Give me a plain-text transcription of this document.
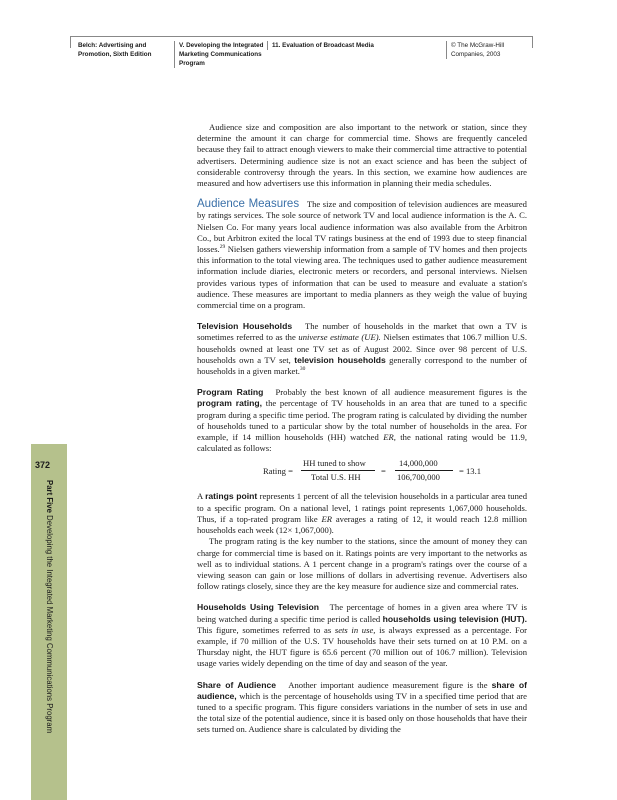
Belch: Advertising and Promotion, Sixth Edition
V. Developing the Integrated Marketing Communications Program
11. Evaluation of Broadcast Media	© The McGraw-Hill Companies, 2003
372
Part Five Developing the Integrated Marketing Communications Program

Audience size and composition are also important to the network or station, since they determine the amount it can charge for commercial time. Shows are frequently canceled because they fail to attract enough viewers to make their commercial time attractive to potential advertisers. Determining audience size is not an exact science and has been the subject of considerable controversy through the years. In this section, we examine how audiences are measured and how advertisers use this information in planning their media schedules.

Audience Measures The size and composition of television audiences are measured by ratings services. The sole source of network TV and local audience information is the A. C. Nielsen Co. For many years local audience information was also available from the Arbitron Co., but Arbitron exited the local TV ratings business at the end of 1993 due to steep financial losses.$^{29}$ Nielsen gathers viewership information from a sample of TV homes and then projects this information to the total viewing area. The techniques used to gather audience measurement information include diaries, electronic meters or recorders, and personal interviews. Nielsen provides various types of information that can be used to measure and evaluate a station's audience. These measures are important to media planners as they weigh the value of buying commercial time on a program.

Television Households The number of households in the market that own a TV is sometimes referred to as the universe estimate (UE). Nielsen estimates that 106.7 million U.S. households owned at least one TV set as of August 2002. Since over 98 percent of U.S. households own a TV set, television households generally correspond to the number of households in a given market.$^{30}$

Program Rating Probably the best known of all audience measurement figures is the program rating, the percentage of TV households in an area that are tuned to a specific program during a specific time period. The program rating is calculated by dividing the number of households tuned to a particular show by the total number of households in the area. For example, if 14 million households (HH) watched ER, the national rating would be 11.9, calculated as follows:

Rating =
HH tuned to show
Total U.S. HH
=
14,000,000
106,700,000
= 13.1

A ratings point represents 1 percent of all the television households in a particular area tuned to a specific program. On a national level, 1 ratings point represents 1,067,000 households. Thus, if a top-rated program like ER averages a rating of 12, it would reach 12.8 million households each week (12× 1,067,000).

The program rating is the key number to the stations, since the amount of money they can charge for commercial time is based on it. Ratings points are very important to the networks as well as to individual stations. A 1 percent change in a program's ratings over the course of a viewing season can gain or lose millions of dollars in advertising revenue. Advertisers also follow ratings closely, since they are the key measure for audience size and commercial rates.

Households Using Television The percentage of homes in a given area where TV is being watched during a specific time period is called households using television (HUT). This figure, sometimes referred to as sets in use, is always expressed as a percentage. For example, if 70 million of the U.S. TV households have their sets turned on at 10 P.M. on a Thursday night, the HUT figure is 65.6 percent (70 million out of 106.7 million). Television usage varies widely depending on the time of day and season of the year.

Share of Audience Another important audience measurement figure is the share of audience, which is the percentage of households using TV in a specified time period that are tuned to a specific program. This figure considers variations in the number of sets in use and the total size of the potential audience, since it is based only on those households that have their sets turned on. Audience share is calculated by dividing the
